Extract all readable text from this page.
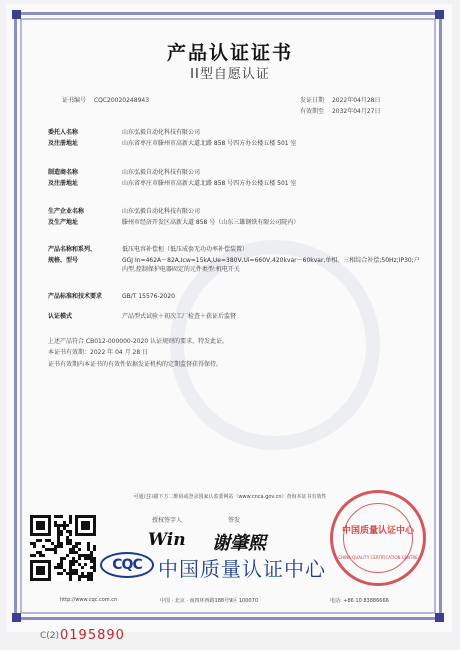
产品认证证书
II型自愿认证
证书编号 CQC20020248943	发证日期 2022年04月28日
有效期至 2032年04月27日
委托人名称	山东弘毅自动化科技有限公司
及注册地址	山东省枣庄市滕州市高新大道北路 858 号四方办公楼五楼 501 室
制造商名称	山东弘毅自动化科技有限公司
及注册地址	山东省枣庄市滕州市高新大道北路 858 号四方办公楼五楼 501 室
生产企业名称	山东弘毅自动化科技有限公司
及生产地址	滕州市经济开发区高新大道 858 号（山东三雄钢铁有限公司院内）
产品名称和系列、	低压电容补偿柜（低压成套无功功率补偿装置）
规格、型号	GGJ In=462A～82A,Icw=15kA,Ue=380V,Ui=660V,420kvar～60kvar,单相、三相综合补偿;50Hz;IP30;户内型,控制保护电器固定的元件类型:机电开关
产品标准和技术要求	GB/T 15576-2020
认证模式	产品型式试验＋初次工厂检查＋获证后监督
上述产品符合 CB012-000000-2020 认证规则的要求，特发此证。
本证书有效期：2022 年 04 月 28 日
证书有效期内本证书的有效性依据发证机构的定期监督获得保持。
可通过扫描下方二维码或登录国家认监委网站（www.cnca.gov.cn）查询本证书有效性
授权签字人	签发
Win 谢肇熙
CQC 中国质量认证中心
中国质量认证中心
CHINA QUALITY CERTIFICATION CENTRE
http://www.cqc.com.cn	中国 · 北京 · 南四环西路188号9区 100070	电话: +86 10 83886666
C(2) 0195890
